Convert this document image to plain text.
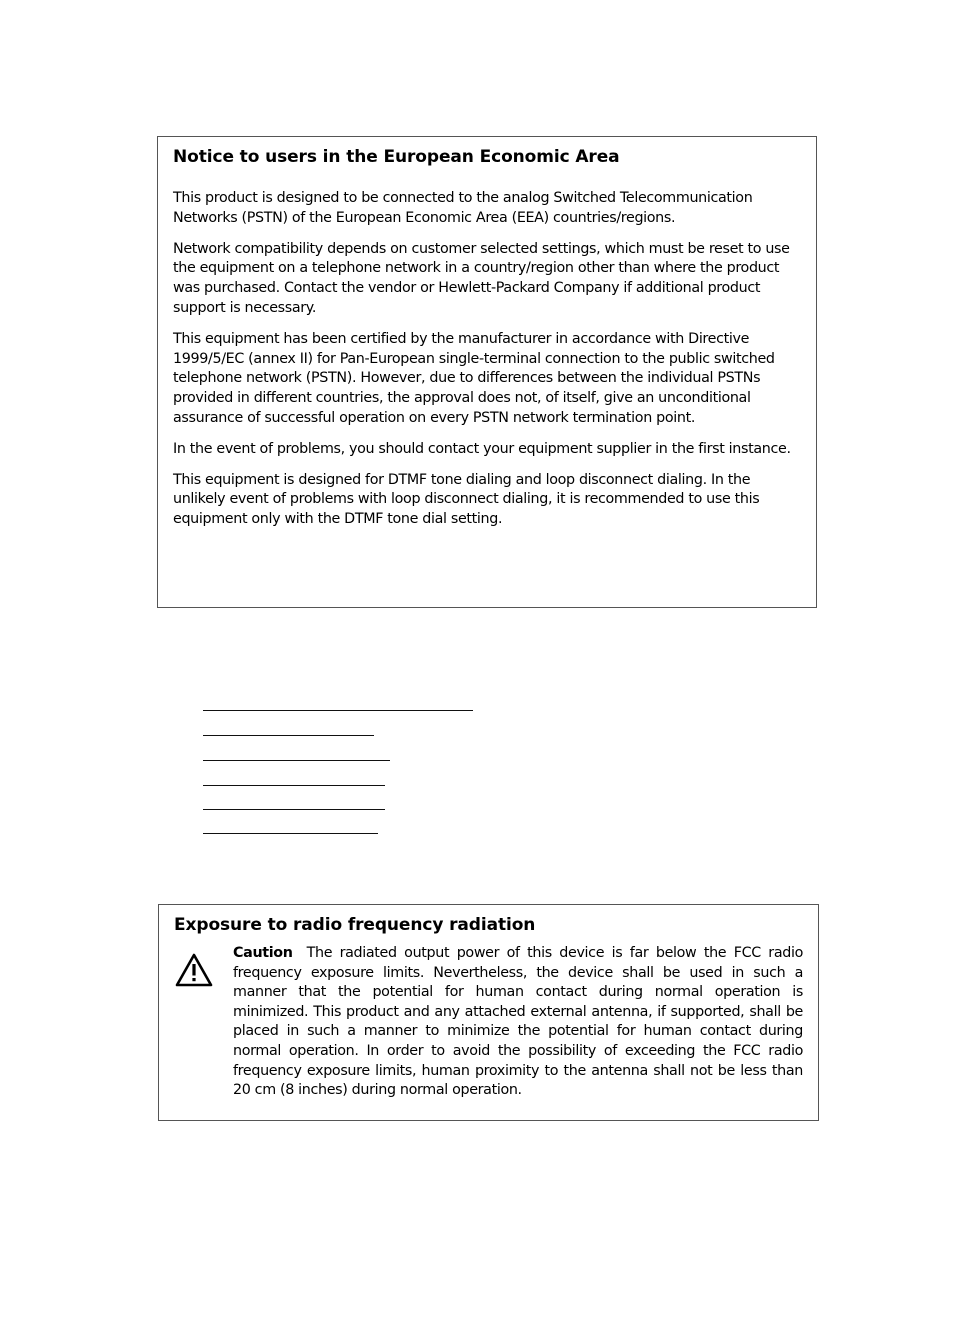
Notice to users in the European Economic Area

This product is designed to be connected to the analog Switched Telecommunication Networks (PSTN) of the European Economic Area (EEA) countries/regions.

Network compatibility depends on customer selected settings, which must be reset to use the equipment on a telephone network in a country/region other than where the product was purchased. Contact the vendor or Hewlett-Packard Company if additional product support is necessary.

This equipment has been certified by the manufacturer in accordance with Directive 1999/5/EC (annex II) for Pan-European single-terminal connection to the public switched telephone network (PSTN). However, due to differences between the individual PSTNs provided in different countries, the approval does not, of itself, give an unconditional assurance of successful operation on every PSTN network termination point.

In the event of problems, you should contact your equipment supplier in the first instance.

This equipment is designed for DTMF tone dialing and loop disconnect dialing. In the unlikely event of problems with loop disconnect dialing, it is recommended to use this equipment only with the DTMF tone dial setting.

Exposure to radio frequency radiation

Caution The radiated output power of this device is far below the FCC radio frequency exposure limits. Nevertheless, the device shall be used in such a manner that the potential for human contact during normal operation is minimized. This product and any attached external antenna, if supported, shall be placed in such a manner to minimize the potential for human contact during normal operation. In order to avoid the possibility of exceeding the FCC radio frequency exposure limits, human proximity to the antenna shall not be less than 20 cm (8 inches) during normal operation.
